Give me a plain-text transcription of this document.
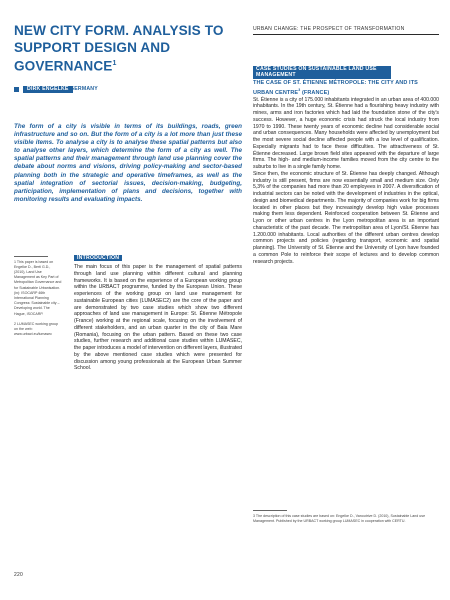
URBAN CHANGE: THE PROSPECT OF TRANSFORMATION
NEW CITY FORM. ANALYSIS TO SUPPORT DESIGN AND GOVERNANCE$^1$
DIRK ENGELKE GERMANY

The form of a city is visible in terms of its buildings, roads, green infrastructure and so on. But the form of a city is a lot more than just these visible items. To analyse a city is to analyse these spatial patterns but also to analyse other layers, which determine the form of a city as well. The spatial patterns and their management through land use planning cover the debate about norms and visions, driving policy-making and sector-based planning both in the strategic and operative timeframes, as well as the spatial integration of sectorial issues, decision-making, budgeting, participation, implementation of plans and decisions, together with monitoring results and evaluating impacts.

1 This paper is based on Engelke D., Berti G.D., (2010), Land Use Management as Key Part of Metropolitan Governance and for Sustainable Urbanisation. (in): ISOCARP 46th International Planning Congress: Sustainable city – Developing world. The Hague, ISOCARP.

2 LUMASEC working group on the web: www.urbact.eu/lumasec

INTRODUCTION

The main focus of this paper is the management of spatial patterns through land use planning within different cultural and planning frameworks. It is based on the experience of a European working group within the URBACT programme, funded by the European Union. These experiences of the working group on land use management for sustainable European cities (LUMASEC2) are the core of the paper and are demonstrated by two case studies which show two different approaches of land use management in Europe: St. Étienne Métropole (France) working at the regional scale, focusing on the involvement of different stakeholders, and an urban quarter in the city of Baia Mare (Romania), focusing on the urban pattern. Based on these two case studies, further research and additional case studies within LUMASEC, the paper introduces a model of intervention on different layers, illustrated by the above mentioned case studies which were presented for discussion among young professionals at the European Urban Summer School.

CASE STUDIES ON SUSTAINABLE LAND USE MANAGEMENT

THE CASE OF ST. ÉTIENNE MÉTROPOLE: THE CITY AND ITS URBAN CENTRE$^3$ (FRANCE)

St. Étienne is a city of 175.000 inhabitants integrated in an urban area of 400.000 inhabitants. In the 19th century, St. Étienne had a flourishing heavy industry with mines, arms and iron factories which had laid the foundation stone of the city's success. However, a huge economic crisis had struck the local industry from 1970 to 1990. These twenty years of economic decline had considerable social and urban consequences. Many households were affected by unemployment but the most severe social decline affected people with a low level of qualification. Especially migrants had to face these difficulties. The attractiveness of St. Étienne decreased. Large brown field sites appeared with the departure of large firms. The high- and medium-income families moved from the city centre to the suburbs to live in a single family home.

Since then, the economic structure of St. Étienne has deeply changed. Although industry is still present, firms are now essentially small and medium size. Only 5,3% of the companies had more than 20 employees in 2007. A diversification of industrial sectors can be noted with the development of industries in the optical, design and biomedical departments. The majority of companies work for big firms located in other places but they increasingly develop high value processes making them less dependent. Reinforced cooperation between St. Étienne and Lyon or other urban centres in the Lyon metropolitan area is an important characteristic of the past decade. The metropolitan area of Lyon/St. Étienne has 1.200.000 inhabitants. Local authorities of the different urban centres develop common projects and policies (regarding transport, economic and spatial planning). The University of St. Étienne and the University of Lyon have founded a common Pole to reinforce their scope of lectures and to develop common research projects.

3 The description of this case studies are based on: Engelke D., Vanoutrive D. (2010), Sustainable Land use Management. Published by the URBACT working group LUMASEC in cooperation with CERTU.

220
